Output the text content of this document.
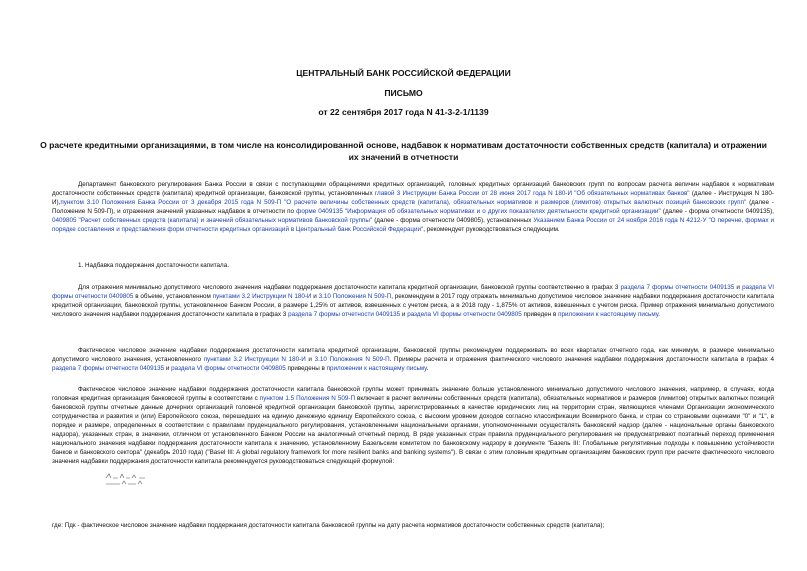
ЦЕНТРАЛЬНЫЙ БАНК РОССИЙСКОЙ ФЕДЕРАЦИИ
ПИСЬМО
от 22 сентября 2017 года N 41-3-2-1/1139
О расчете кредитными организациями, в том числе на консолидированной основе, надбавок к нормативам достаточности собственных средств (капитала) и отражении их значений в отчетности
Департамент банковского регулирования Банка России в связи с поступающими обращениями кредитных организаций, головных кредитных организаций банковских групп по вопросам расчета величин надбавок к нормативам достаточности собственных средств (капитала) кредитной организации, банковской группы, установленных главой 3 Инструкции Банка России от 28 июня 2017 года N 180-И "Об обязательных нормативах банков" (далее - Инструкция N 180-И),пунктом 3.10 Положения Банка России от 3 декабря 2015 года N 509-П "О расчете величины собственных средств (капитала), обязательных нормативов и размеров (лимитов) открытых валютных позиций банковских групп" (далее - Положение N 509-П), и отражения значений указанных надбавок в отчетности по форме 0409135 "Информация об обязательных нормативах и о других показателях деятельности кредитной организации" (далее - форма отчетности 0409135), 0409805 "Расчет собственных средств (капитала) и значений обязательных нормативов банковской группы" (далее - форма отчетности 0409805), установленных Указанием Банка России от 24 ноября 2016 года N 4212-У "О перечне, формах и порядке составления и представления форм отчетности кредитных организаций в Центральный банк Российской Федерации", рекомендует руководствоваться следующим.
1. Надбавка поддержания достаточности капитала.
Для отражения минимально допустимого числового значения надбавки поддержания достаточности капитала кредитной организации, банковской группы соответственно в графах 3 раздела 7 формы отчетности 0409135 и раздела VI формы отчетности 0409805 в объеме, установленном пунктами 3.2 Инструкции N 180-И и 3.10 Положения N 509-П, рекомендуем в 2017 году отражать минимально допустимое числовое значение надбавки поддержания достаточности капитала кредитной организации, банковской группы, установленное Банком России, в размере 1,25% от активов, взвешенных с учетом риска, а в 2018 году - 1,875% от активов, взвешенных с учетом риска. Пример отражения минимально допустимого числового значения надбавки поддержания достаточности капитала в графах 3 раздела 7 формы отчетности 0409135 и раздела VI формы отчетности 0409805 приведен в приложении к настоящему письму.
Фактическое числовое значение надбавки поддержания достаточности капитала кредитной организации, банковской группы рекомендуем поддерживать во всех кварталах отчетного года, как минимум, в размере минимально допустимого числового значения, установленного пунктами 3.2 Инструкции N 180-И и 3.10 Положения N 509-П. Примеры расчета и отражения фактического числового значения надбавки поддержания достаточности капитала в графах 4 раздела 7 формы отчетности 0409135 и раздела VI формы отчетности 0409805 приведены в приложении к настоящему письму.
Фактическое числовое значение надбавки поддержания достаточности капитала банковской группы может принимать значение больше установленного минимально допустимого числового значения, например, в случаях, когда головная кредитная организация банковской группы в соответствии с пунктом 1.5 Положения N 509-П включает в расчет величины собственных средств (капитала), обязательных нормативов и размеров (лимитов) открытых валютных позиций банковской группы отчетные данные дочерних организаций головной кредитной организации банковской группы, зарегистрированных в качестве юридических лиц на территории стран, являющихся членами Организации экономического сотрудничества и развития и (или) Европейского союза, перешедших на единую денежную единицу Европейского союза, с высоким уровнем доходов согласно классификации Всемирного банка, и стран со страновыми оценками "0" и "1", в порядке и размере, определенных в соответствии с правилами пруденциального регулирования, установленными национальными органами, уполномоченными осуществлять банковский надзор (далее - национальные органы банковского надзора), указанных стран, в значении, отличном от установленного Банком России на аналогичный отчетный период. В ряде указанных стран правила пруденциального регулирования не предусматривают поэтапный переход применения национального значения надбавки поддержания достаточности капитала к значению, установленному Базельским комитетом по банковскому надзору в документе "Базель III: Глобальные регулятивные подходы к повышению устойчивости банков и банковского сектора" (декабрь 2010 года) ("Basel III: A global regulatory framework for more resilient banks and banking systems"). В связи с этим головным кредитным организациям банковских групп при расчете фактического числового значения надбавки поддержания достаточности капитала рекомендуется руководствоваться следующей формулой:
где: Пдк - фактическое числовое значение надбавки поддержания достаточности капитала банковской группы на дату расчета нормативов достаточности собственных средств (капитала);
